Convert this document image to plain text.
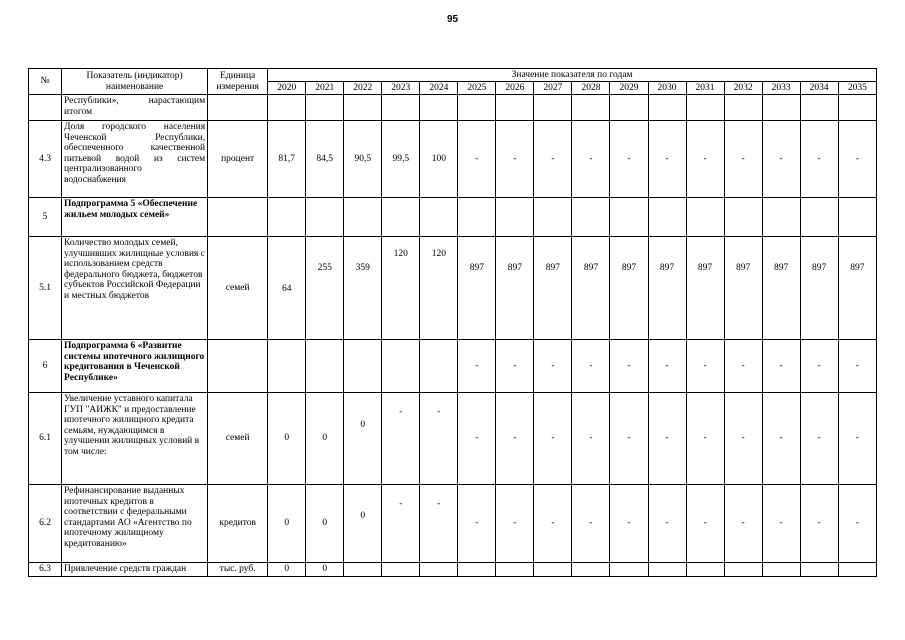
95
№	Показатель (индикатор) наименование	Единица измерения	Значение показателя по годам															
			2020	2021	2022	2023	2024	2025	2026	2027	2028	2029	2030	2031	2032	2033	2034	2035
	Республики», нарастающим итогом																	
4.3	Доля городского населения Чеченской Республики, обеспеченного качественной питьевой водой из систем централизованного водоснабжения	процент	81,7	84,5	90,5	99,5	100	-	-	-	-	-	-	-	-	-	-	-
5	Подпрограмма 5 «Обеспечение жильем молодых семей»																	
5.1	Количество молодых семей, улучшивших жилищные условия с использованием средств федерального бюджета, бюджетов субъектов Российской Федерации и местных бюджетов	семей	64	255	359	120	120	897	897	897	897	897	897	897	897	897	897	897
6	Подпрограмма 6 «Развитие системы ипотечного жилищного кредитования в Чеченской Республике»							-	-	-	-	-	-	-	-	-	-	-
6.1	Увеличение уставного капитала ГУП "АИЖК" и предоставление ипотечного жилищного кредита семьям, нуждающимся в улучшении жилищных условий в том числе:	семей	0	0	0	-	-	-	-	-	-	-	-	-	-	-	-	-
6.2	Рефинансирование выданных ипотечных кредитов в соответствии с федеральными стандартами АО «Агентство по ипотечному жилищному кредитованию»	кредитов	0	0	0	-	-	-	-	-	-	-	-	-	-	-	-	-
6.3	Привлечение средств граждан	тыс. руб.	0	0														
